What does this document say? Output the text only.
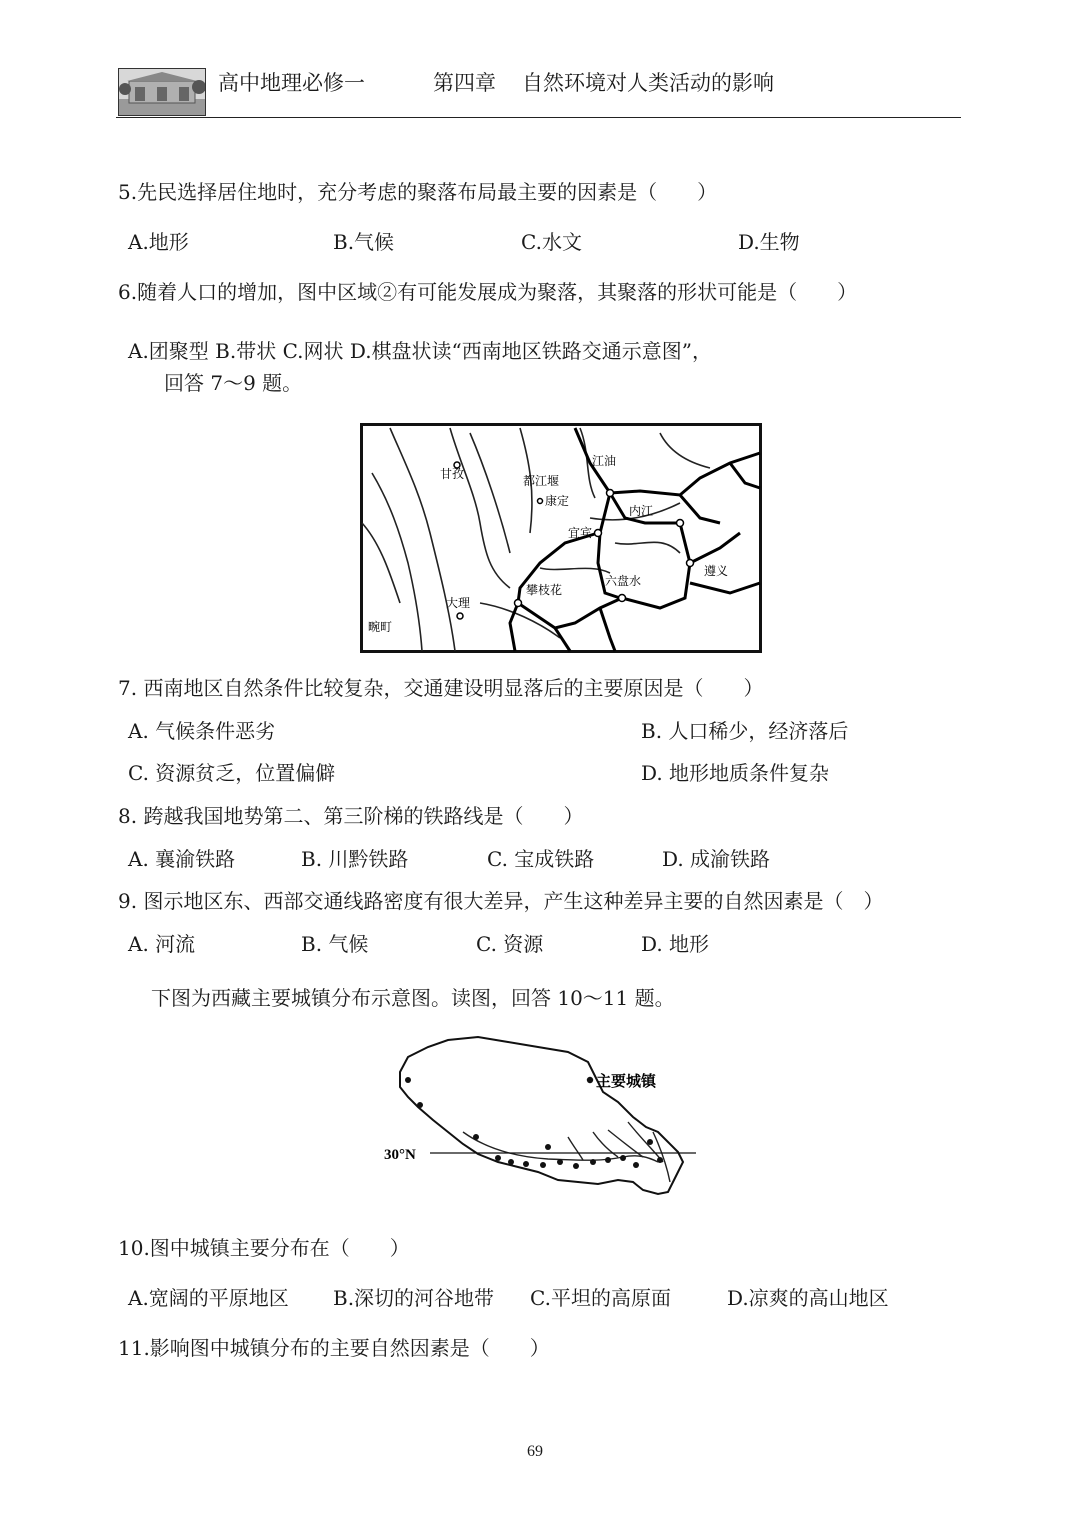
高中地理必修一	第四章 自然环境对人类活动的影响
5.先民选择居住地时，充分考虑的聚落布局最主要的因素是（　　）
A.地形	B.气候	C.水文	D.生物
6.随着人口的增加，图中区域②有可能发展成为聚落，其聚落的形状可能是（　　）
A.团聚型 B.带状 C.网状 D.棋盘状读“西南地区铁路交通示意图”，
回答 7～9 题。
江油
甘孜	都江堰
康定
内江
宜宾
遵义
六盘水
攀枝花
大理
畹町
7. 西南地区自然条件比较复杂，交通建设明显落后的主要原因是（　　）
A. 气候条件恶劣	B. 人口稀少，经济落后
C. 资源贫乏，位置偏僻	D. 地形地质条件复杂
8. 跨越我国地势第二、第三阶梯的铁路线是（　　）
A. 襄渝铁路	B. 川黔铁路	C. 宝成铁路	D. 成渝铁路
9. 图示地区东、西部交通线路密度有很大差异，产生这种差异主要的自然因素是（　）
A. 河流	B. 气候	C. 资源	D. 地形
下图为西藏主要城镇分布示意图。读图，回答 10～11 题。
30°N
主要城镇
10.图中城镇主要分布在（　　）
A.宽阔的平原地区 B.深切的河谷地带 C.平坦的高原面	D.凉爽的高山地区
11.影响图中城镇分布的主要自然因素是（　　）
69
